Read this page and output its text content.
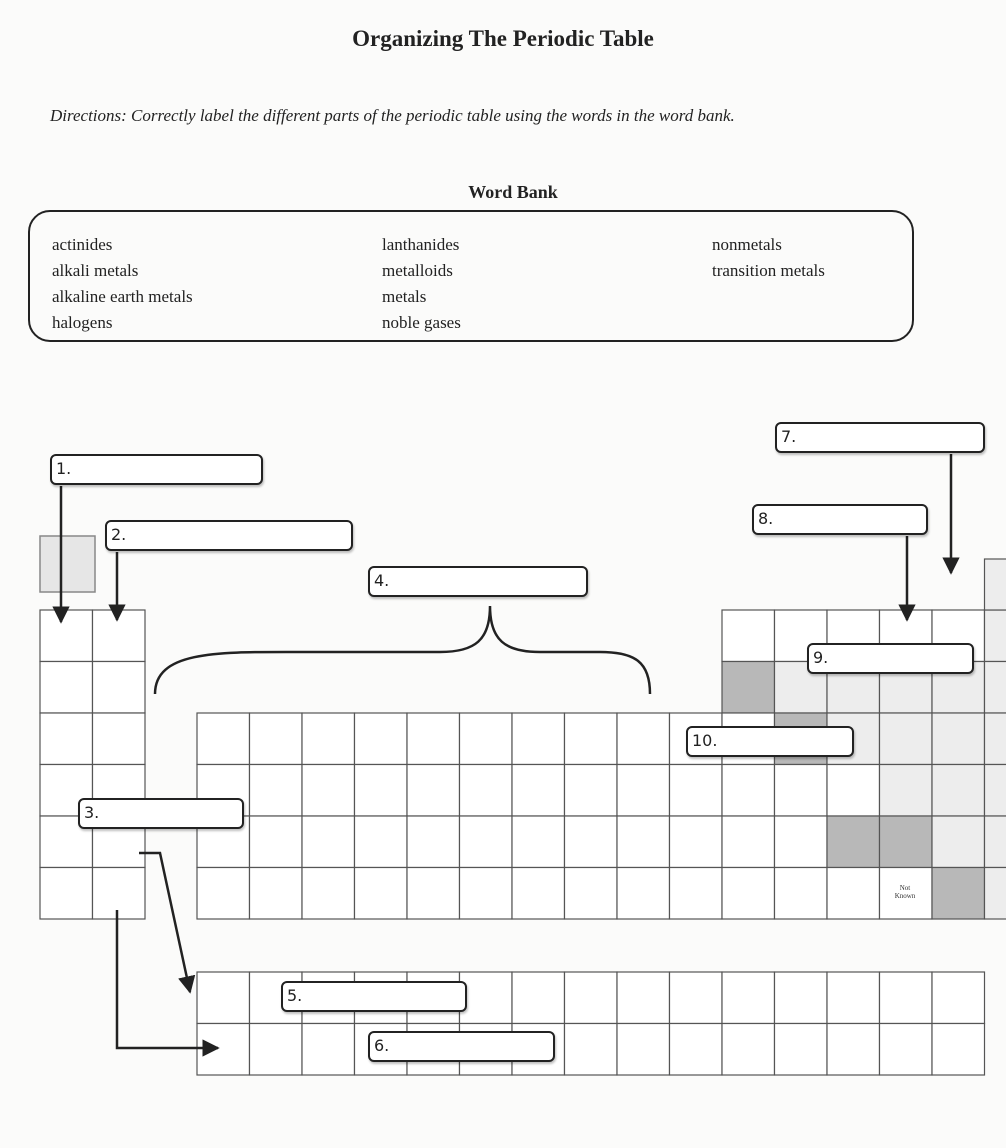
Organizing The Periodic Table
Directions: Correctly label the different parts of the periodic table using the words in the word bank.
Word Bank
actinides
alkali metals
alkaline earth metals
halogens
lanthanides
metalloids
metals
noble gases
nonmetals
transition metals
1.
2.
3.
4.
5.
6.
7.
8.
9.
10.
Not
Known
